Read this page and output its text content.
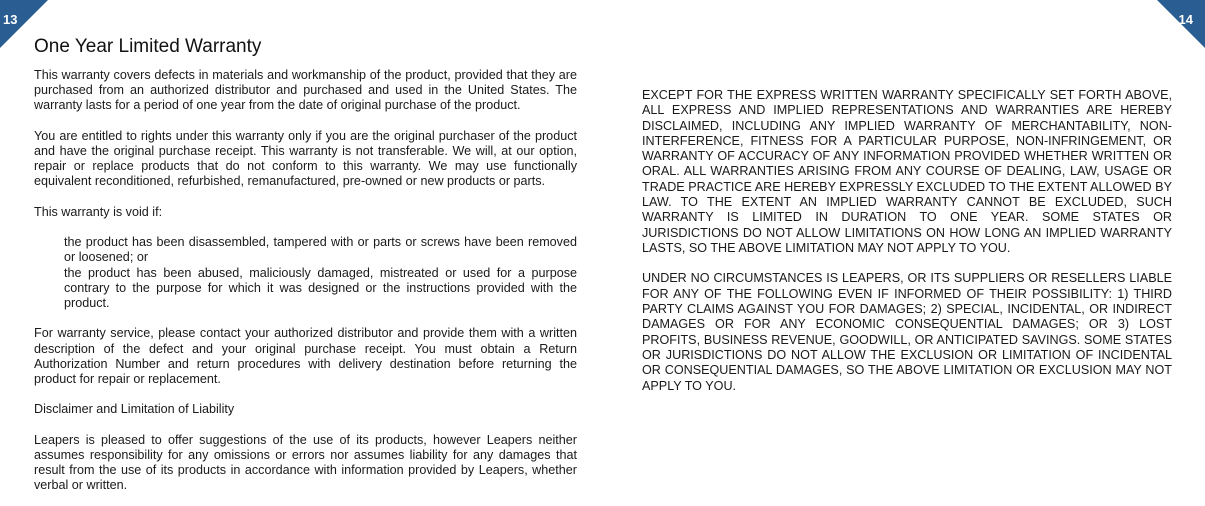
13	14
One Year Limited Warranty

This warranty covers defects in materials and workmanship of the product, provided that they are purchased from an authorized distributor and purchased and used in the United States. The warranty lasts for a period of one year from the date of original purchase of the product.

You are entitled to rights under this warranty only if you are the original purchaser of the product and have the original purchase receipt. This warranty is not transferable. We will, at our option, repair or replace products that do not conform to this warranty. We may use functionally equivalent reconditioned, refurbished, remanufactured, pre-owned or new products or parts.

This warranty is void if:

the product has been disassembled, tampered with or parts or screws have been removed or loosened; or

the product has been abused, maliciously damaged, mistreated or used for a purpose contrary to the purpose for which it was designed or the instructions provided with the product.

For warranty service, please contact your authorized distributor and provide them with a written description of the defect and your original purchase receipt. You must obtain a Return Authorization Number and return procedures with delivery destination before returning the product for repair or replacement.

Disclaimer and Limitation of Liability

Leapers is pleased to offer suggestions of the use of its products, however Leapers neither assumes responsibility for any omissions or errors nor assumes liability for any damages that result from the use of its products in accordance with information provided by Leapers, whether verbal or written.

EXCEPT FOR THE EXPRESS WRITTEN WARRANTY SPECIFICALLY SET FORTH ABOVE, ALL EXPRESS AND IMPLIED REPRESENTATIONS AND WARRANTIES ARE HEREBY DISCLAIMED, INCLUDING ANY IMPLIED WARRANTY OF MERCHANTABILITY, NON-INTERFERENCE, FITNESS FOR A PARTICULAR PURPOSE, NON-INFRINGEMENT, OR WARRANTY OF ACCURACY OF ANY INFORMATION PROVIDED WHETHER WRITTEN OR ORAL. ALL WARRANTIES ARISING FROM ANY COURSE OF DEALING, LAW, USAGE OR TRADE PRACTICE ARE HEREBY EXPRESSLY EXCLUDED TO THE EXTENT ALLOWED BY LAW. TO THE EXTENT AN IMPLIED WARRANTY CANNOT BE EXCLUDED, SUCH WARRANTY IS LIMITED IN DURATION TO ONE YEAR. SOME STATES OR JURISDICTIONS DO NOT ALLOW LIMITATIONS ON HOW LONG AN IMPLIED WARRANTY LASTS, SO THE ABOVE LIMITATION MAY NOT APPLY TO YOU.

UNDER NO CIRCUMSTANCES IS LEAPERS, OR ITS SUPPLIERS OR RESELLERS LIABLE FOR ANY OF THE FOLLOWING EVEN IF INFORMED OF THEIR POSSIBILITY: 1) THIRD PARTY CLAIMS AGAINST YOU FOR DAMAGES; 2) SPECIAL, INCIDENTAL, OR INDIRECT DAMAGES OR FOR ANY ECONOMIC CONSEQUENTIAL DAMAGES; OR 3) LOST PROFITS, BUSINESS REVENUE, GOODWILL, OR ANTICIPATED SAVINGS. SOME STATES OR JURISDICTIONS DO NOT ALLOW THE EXCLUSION OR LIMITATION OF INCIDENTAL OR CONSEQUENTIAL DAMAGES, SO THE ABOVE LIMITATION OR EXCLUSION MAY NOT APPLY TO YOU.
